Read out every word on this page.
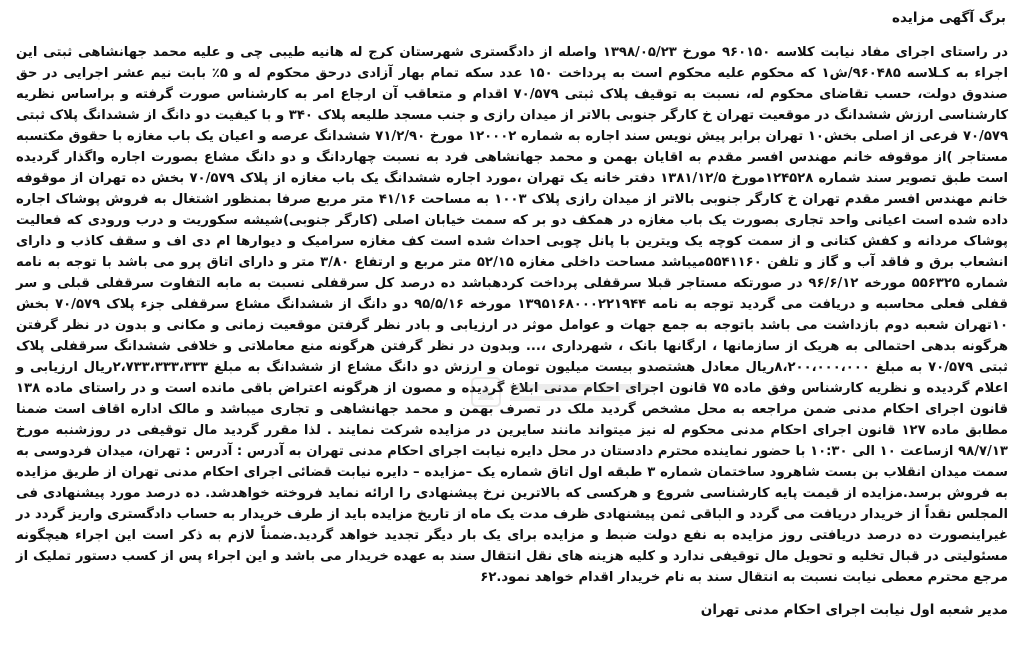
برگ آگهی مزایده
در راستای اجرای مفاد نیابت کلاسه ۹۶۰۱۵۰ مورخ ۱۳۹۸/۰۵/۲۳ واصله از دادگستری شهرستان کرج له هانیه طیبی چی و علیه محمد جهانشاهی ثبتی این اجراء به کـلاسه ۹۶۰۴۸۵/ش۱ که محکوم علیه محکوم است به پرداخت ۱۵۰ عدد سکه تمام بهار آزادی درحق محکوم له و ۵٪ بابت نیم عشر اجرایی در حق صندوق دولت، حسب تقاضای محکوم له، نسبت به توقیف پلاک ثبتی ۷۰/۵۷۹ اقدام و متعاقب آن ارجاع امر به کارشناس صورت گرفته و براساس نظریه کارشناسی ارزش ششدانگ در موقعیت تهران خ کارگر جنوبی بالاتر از میدان رازی و جنب مسجد طلیعه پلاک ۳۴۰ و با کیفیت دو دانگ از ششدانگ پلاک ثبتی ۷۰/۵۷۹ فرعی از اصلی بخش۱۰ تهران برابر پیش نویس سند اجاره به شماره ۱۲۰۰۰۲ مورخ ۷۱/۲/۹۰ ششدانگ عرصه و اعیان یک باب مغازه با حقوق مکتسبه مستاجر )از موقوفه خانم مهندس افسر مقدم به اقایان بهمن و محمد جهانشاهی فرد به نسبت چهاردانگ و دو دانگ مشاع بصورت اجاره واگذار گردیده است طبق تصویر سند شماره ۱۲۴۵۲۸مورخ ۱۳۸۱/۱۲/۵ دفتر خانه یک تهران ،مورد اجاره ششدانگ یک باب مغازه از پلاک ۷۰/۵۷۹ بخش ده تهران از موقوفه خانم مهندس افسر مقدم تهران خ کارگر جنوبی بالاتر از میدان رازی پلاک ۱۰۰۳ به مساحت ۴۱/۱۶ متر مربع صرفا بمنظور اشتغال به فروش پوشاک اجاره داده شده است اعیانی واحد تجاری بصورت یک باب مغازه در همکف دو بر که سمت خیابان اصلی (کارگر جنوبی)شیشه سکوریت و درب ورودی که فعالیت پوشاک مردانه و کفش کتانی و از سمت کوچه یک ویترین با پانل چوبی احداث شده است کف مغازه سرامیک و دیوارها ام دی اف و سقف کاذب و دارای انشعاب برق و فاقد آب و گاز و تلفن ۵۵۴۱۱۶۰میباشد مساحت داخلی مغازه ۵۲/۱۵ متر مربع و ارتفاع ۳/۸۰ متر و دارای اتاق پرو می باشد با توجه به نامه شماره ۵۵۶۳۲۵ مورخه ۹۶/۶/۱۲ در صورتکه مستاجر قبلا سرقفلی پرداخت کردهباشد ده درصد کل سرقفلی نسبت به مابه التفاوت سرقفلی قبلی و سر قفلی فعلی محاسبه و دریافت می گردید توجه به نامه ۱۳۹۵۱۶۸۰۰۰۲۲۱۹۴۴ مورخه ۹۵/۵/۱۶ دو دانگ از ششدانگ مشاع سرقفلی جزء پلاک ۷۰/۵۷۹ بخش ۱۰تهران شعبه دوم بازداشت می باشد باتوجه به جمع جهات و عوامل موثر در ارزیابی و بادر نظر گرفتن موقعیت زمانی و مکانی و بدون در نظر گرفتن هرگونه بدهی احتمالی به هریک از سازمانها ، ارگانها بانک ، شهرداری ،... وبدون در نظر گرفتن هرگونه منع معاملاتی و خلافی ششدانگ سرقفلی پلاک ثبتی ۷۰/۵۷۹ به مبلغ ۸،۲۰۰،۰۰۰،۰۰۰ریال معادل هشتصدو بیست میلیون تومان و ارزش دو دانگ مشاع از ششدانگ به مبلغ ۲،۷۳۳،۳۳۳،۳۳۳ریال ارزیابی و اعلام گردیده و نظریه کارشناس وفق ماده ۷۵ قانون اجرای احکام مدنی ابلاغ گردیده و مصون از هرگونه اعتراض باقی مانده است و در راستای ماده ۱۳۸ قانون اجرای احکام مدنی ضمن مراجعه به محل مشخص گردید ملک در تصرف بهمن و محمد جهانشاهی و تجاری میباشد و مالک اداره اقاف است ضمنا مطابق ماده ۱۲۷ قانون اجرای احکام مدنی محکوم له نیز میتواند مانند سایرین در مزایده شرکت نمایند . لذا مقرر گردید مال توقیفی در روزشنبه مورخ ۹۸/۷/۱۳ ازساعت ۱۰ الی ۱۰:۳۰ با حضور نماینده محترم دادستان در محل دایره نیابت اجرای احکام مدنی تهران به آدرس : آدرس : تهران، میدان فردوسی به سمت میدان انقلاب بن بست شاهرود ساختمان شماره ۳ طبقه اول اتاق شماره یک –مزایده – دایره نیابت قضائی اجرای احکام مدنی تهران از طریق مزایده به فروش برسد.مزایده از قیمت پایه کارشناسی شروع و هرکسی که بالاترین نرخ پیشنهادی را ارائه نماید فروخته خواهدشد. ده درصد مورد پیشنهادی فی المجلس نقداً از خریدار دریافت می گردد و الباقی ثمن پیشنهادی ظرف مدت یک ماه از تاریخ مزایده باید از طرف خریدار به حساب دادگستری واریز گردد در غیراینصورت ده درصد دریافتی روز مزایده به نفع دولت ضبط و مزایده برای یک بار دیگر تجدید خواهد گردید.ضمناً لازم به ذکر است این اجراء هیچگونه مسئولیتی در قبال تخلیه و تحویل مال توقیفی ندارد و کلیه هزینه های نقل انتقال سند به عهده خریدار می باشد و این اجراء پس از کسب دستور تملیک از مرجع محترم معطی نیابت نسبت به انتقال سند به نام خریدار اقدام خواهد نمود.۶۲
مدیر شعبه اول نیابت اجرای احکام مدنی تهران
